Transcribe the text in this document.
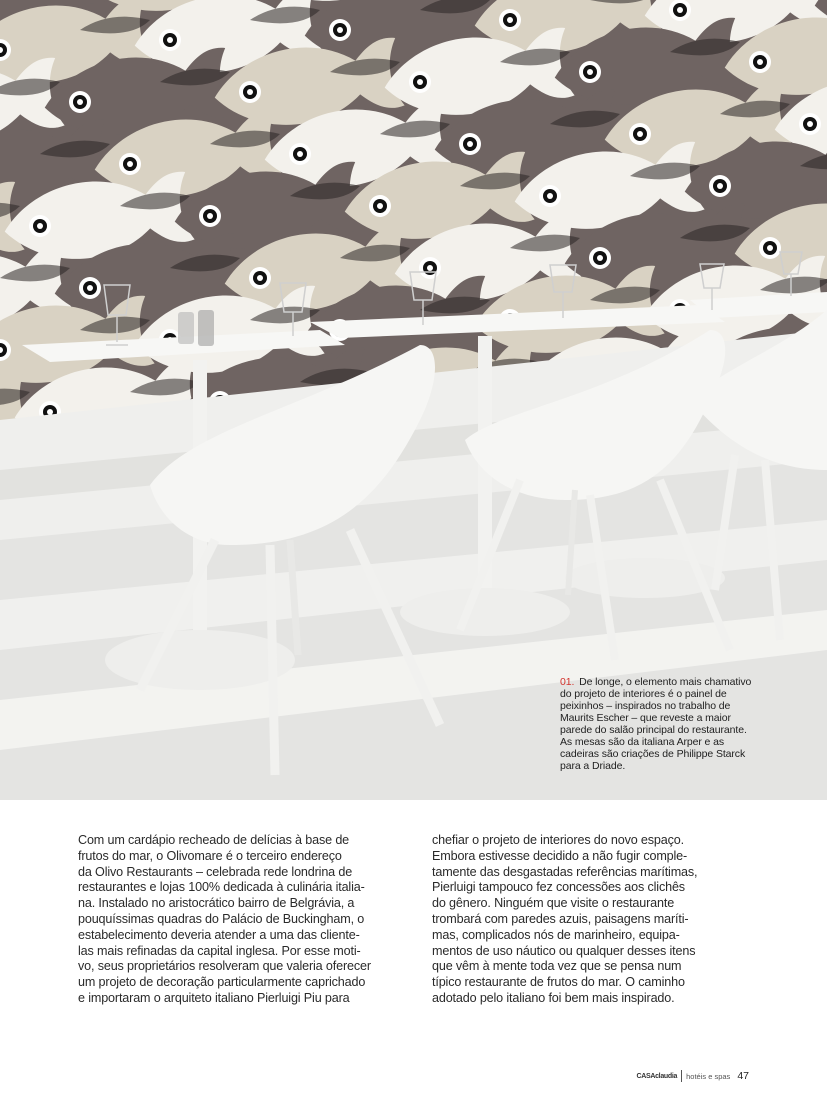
01. De longe, o elemento mais chamativo do projeto de interiores é o painel de peixinhos – inspirados no trabalho de Maurits Escher – que reveste a maior parede do salão principal do restaurante. As mesas são da italiana Arper e as cadeiras são criações de Philippe Starck para a Driade.

Com um cardápio recheado de delícias à base de

frutos do mar, o Olivomare é o terceiro endereço

da Olivo Restaurants – celebrada rede londrina de

restaurantes e lojas 100% dedicada à culinária italia-

na. Instalado no aristocrático bairro de Belgrávia, a

pouquíssimas quadras do Palácio de Buckingham, o

estabelecimento deveria atender a uma das cliente-

las mais refinadas da capital inglesa. Por esse moti-

vo, seus proprietários resolveram que valeria oferecer

um projeto de decoração particularmente caprichado

e importaram o arquiteto italiano Pierluigi Piu para

chefiar o projeto de interiores do novo espaço.

Embora estivesse decidido a não fugir comple-

tamente das desgastadas referências marítimas,

Pierluigi tampouco fez concessões aos clichês

do gênero. Ninguém que visite o restaurante

trombará com paredes azuis, paisagens maríti-

mas, complicados nós de marinheiro, equipa-

mentos de uso náutico ou qualquer desses itens

que vêm à mente toda vez que se pensa num

típico restaurante de frutos do mar. O caminho

adotado pelo italiano foi bem mais inspirado.

CASAclaudia hotéis e spas 47
